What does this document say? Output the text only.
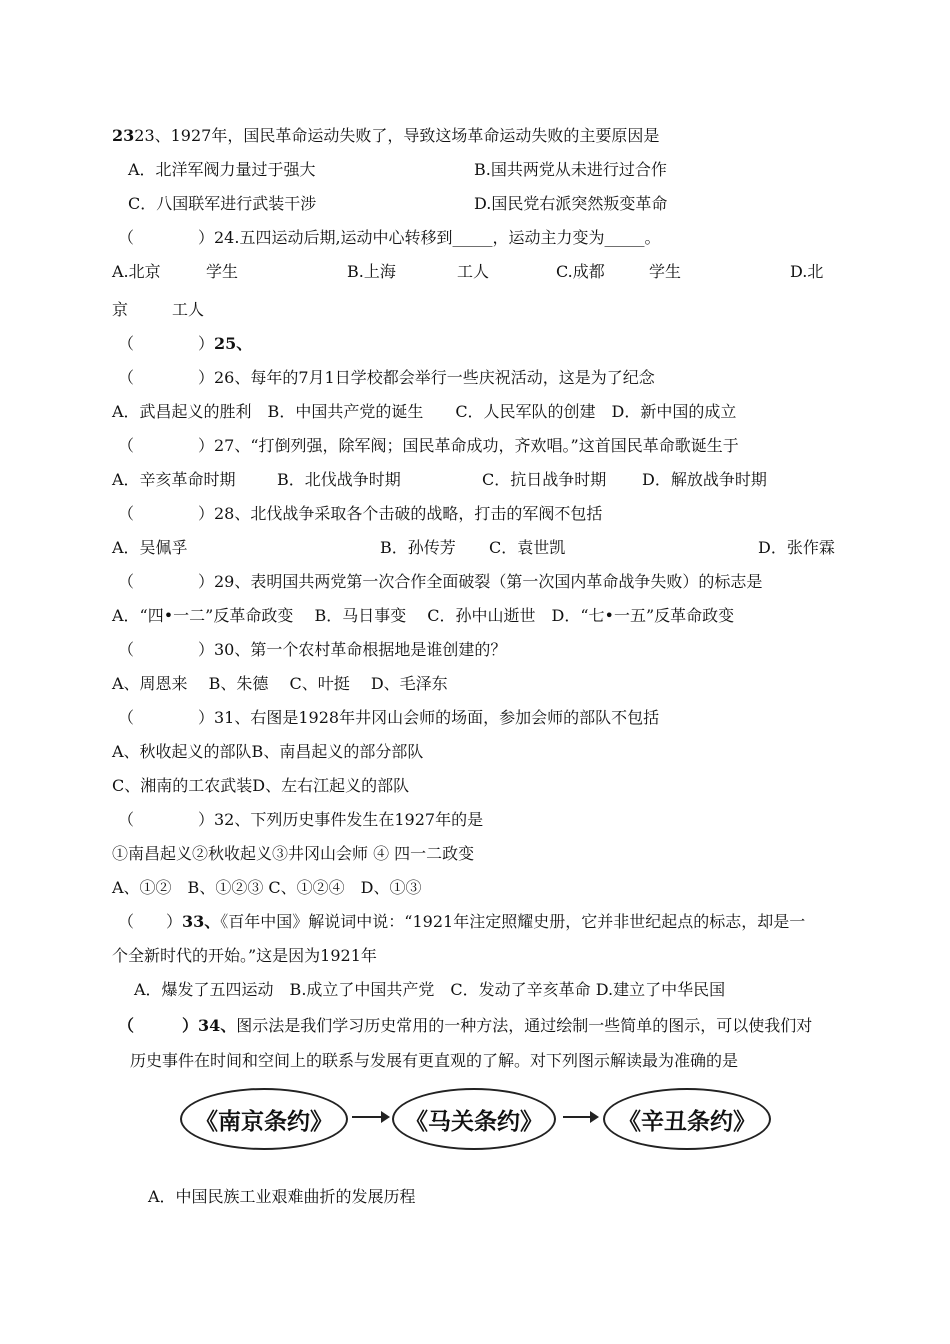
2323、1927年，国民革命运动失败了，导致这场革命运动失败的主要原因是
A．北洋军阀力量过于强大	B.国共两党从未进行过合作
C．八国联军进行武装干涉	D.国民党右派突然叛变革命
（　　　　）24.五四运动后期,运动中心转移到_____，运动主力变为_____。
A.北京	学生	B.上海	工人	C.成都	学生	D.北
京	工人
（　　　　）25、
（　　　　）26、每年的7月1日学校都会举行一些庆祝活动，这是为了纪念
A．武昌起义的胜利　B．中国共产党的诞生　　C．人民军队的创建　D．新中国的成立
（　　　　）27、“打倒列强，除军阀；国民革命成功，齐欢唱。”这首国民革命歌诞生于
A．辛亥革命时期	B．北伐战争时期	C．抗日战争时期 D．解放战争时期
（　　　　）28、北伐战争采取各个击破的战略，打击的军阀不包括
A．吴佩孚	B．孙传芳 C．袁世凯	D．张作霖
（　　　　）29、表明国共两党第一次合作全面破裂（第一次国内革命战争失败）的标志是
A．“四•一二”反革命政变　 B．马日事变　 C．孙中山逝世　D．“七•一五”反革命政变
（　　　　）30、第一个农村革命根据地是谁创建的？
A、周恩来　 B、朱德　 C、叶挺　 D、毛泽东
（　　　　）31、右图是1928年井冈山会师的场面，参加会师的部队不包括
A、秋收起义的部队B、南昌起义的部分部队
C、湘南的工农武装D、左右江起义的部队
（　　　　）32、下列历史事件发生在1927年的是
①南昌起义②秋收起义③井冈山会师 ④ 四一二政变
A、①②　B、①②③ C、①②④　D、①③
（　　）33、《百年中国》解说词中说：“1921年注定照耀史册，它并非世纪起点的标志，却是一
个全新时代的开始。”这是因为1921年
A．爆发了五四运动　B.成立了中国共产党　C．发动了辛亥革命 D.建立了中华民国
（　　　）34、图示法是我们学习历史常用的一种方法，通过绘制一些简单的图示，可以使我们对
历史事件在时间和空间上的联系与发展有更直观的了解。对下列图示解读最为准确的是
《南京条约》	《马关条约》	《辛丑条约》
A．中国民族工业艰难曲折的发展历程
